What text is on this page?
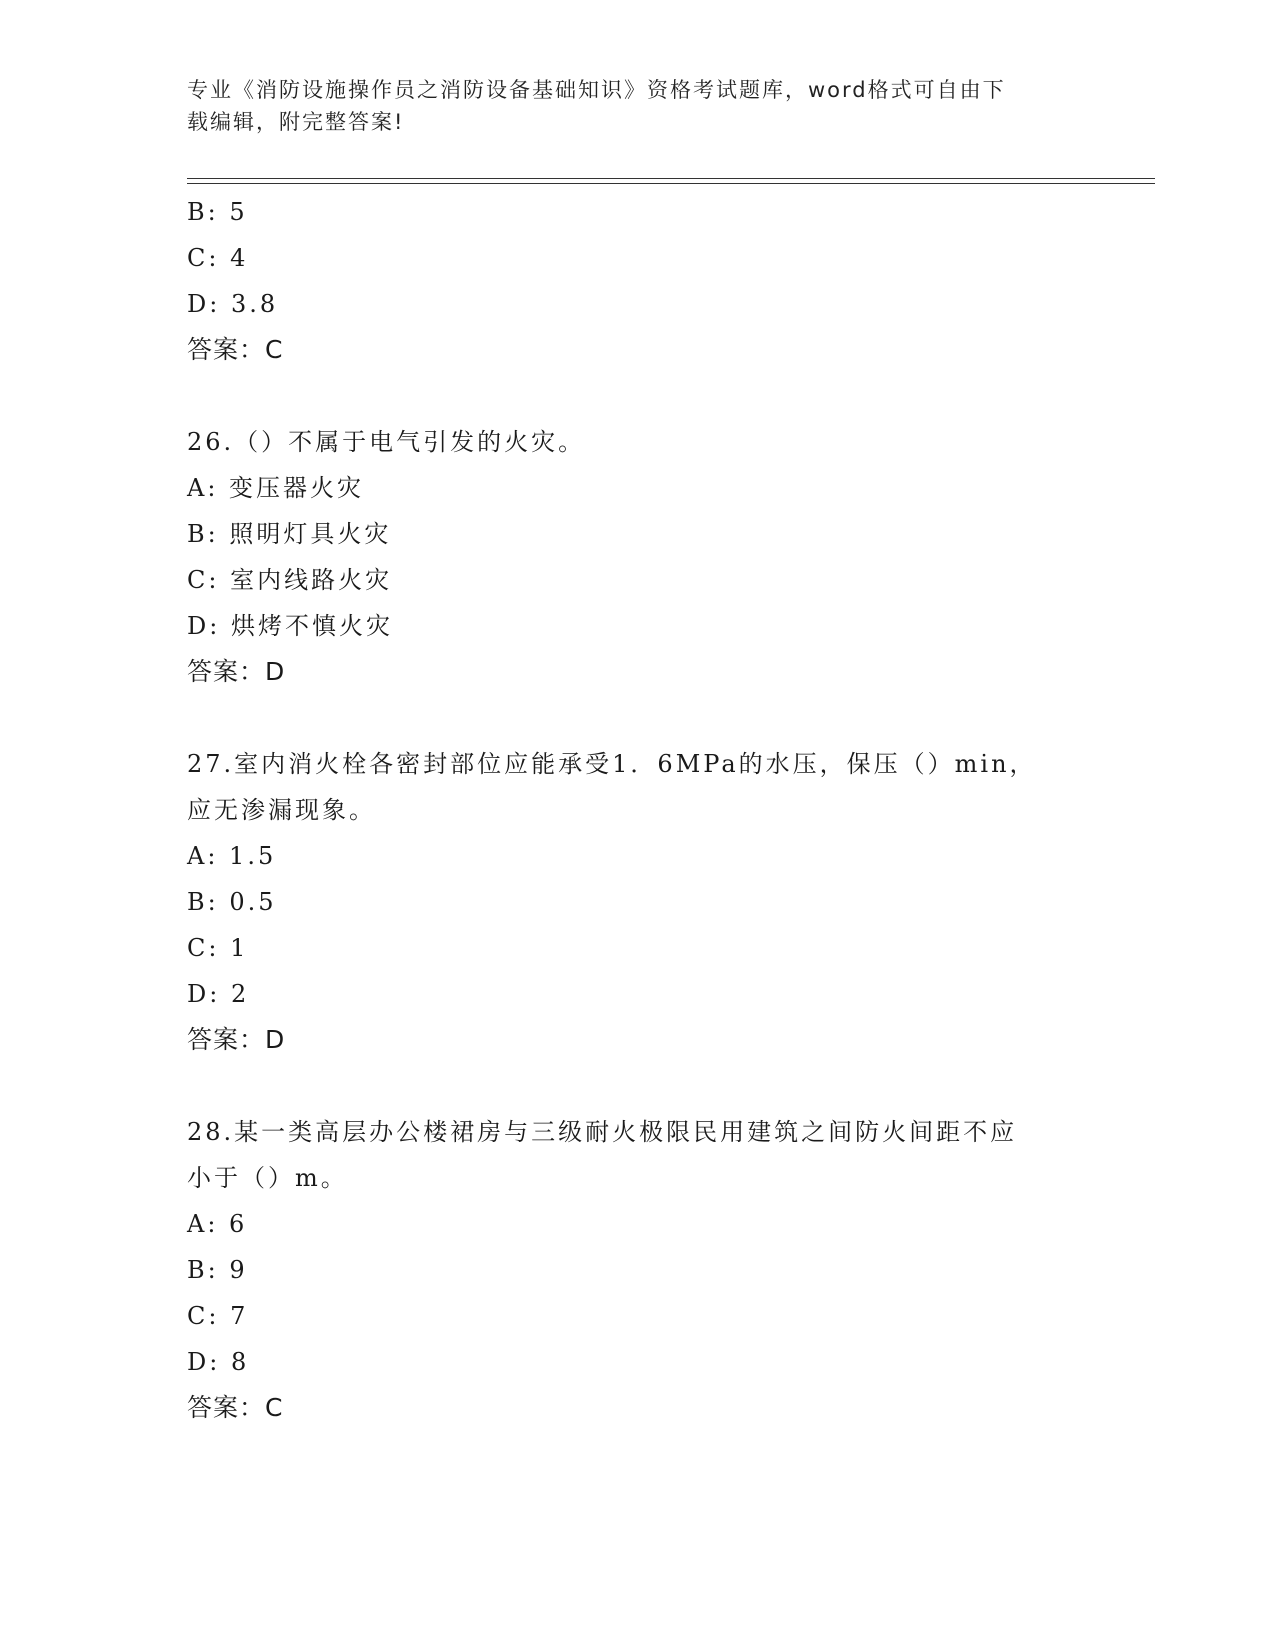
专业《消防设施操作员之消防设备基础知识》资格考试题库，word格式可自由下
载编辑，附完整答案!
B: 5
C: 4
D: 3.8
答案：C
26.（）不属于电气引发的火灾。
A: 变压器火灾
B: 照明灯具火灾
C: 室内线路火灾
D: 烘烤不慎火灾
答案：D
27.室内消火栓各密封部位应能承受1．6MPa的水压，保压（）min，
应无渗漏现象。
A: 1.5
B: 0.5
C: 1
D: 2
答案：D
28.某一类高层办公楼裙房与三级耐火极限民用建筑之间防火间距不应
小于（）m。
A: 6
B: 9
C: 7
D: 8
答案：C
